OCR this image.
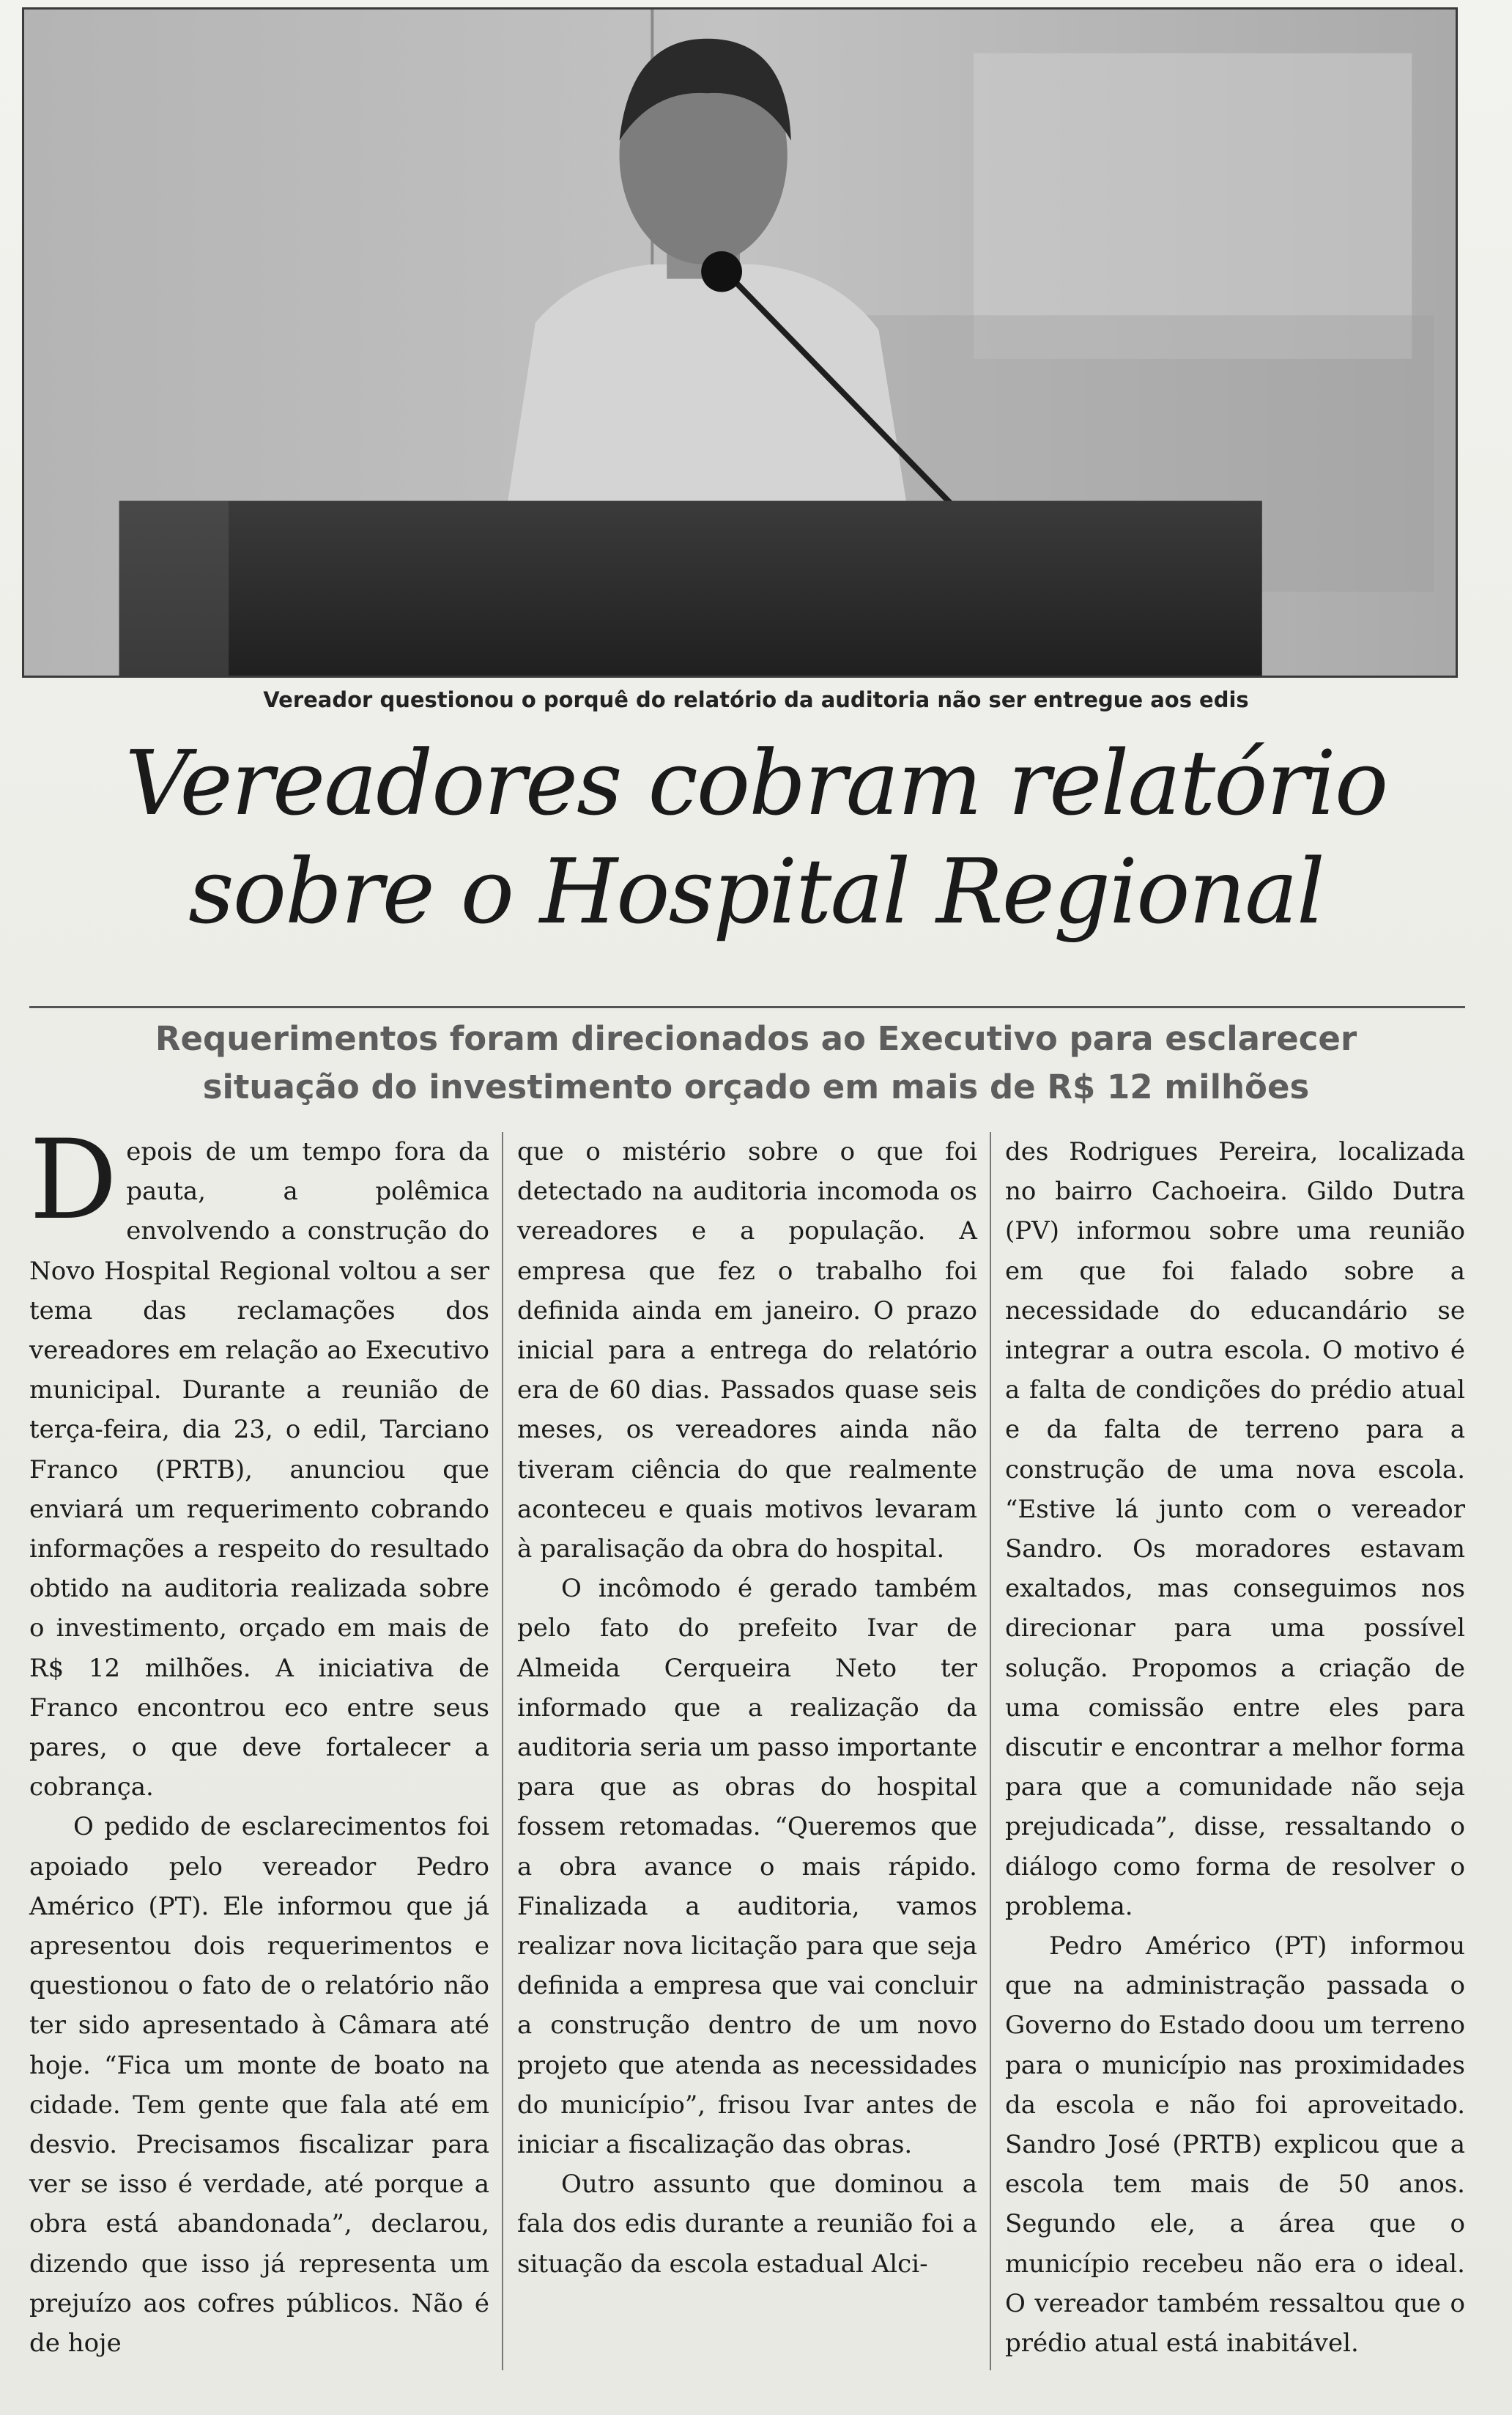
Vereador questionou o porquê do relatório da auditoria não ser entregue aos edis
Vereadores cobram relatório
sobre o Hospital Regional
Requerimentos foram direcionados ao Executivo para esclarecer
situação do investimento orçado em mais de R$ 12 milhões

Depois de um tempo fora da pauta, a polêmica envolvendo a construção do Novo Hospital Regional voltou a ser tema das reclamações dos vereadores em relação ao Executivo municipal. Durante a reunião de terça-feira, dia 23, o edil, Tarciano Franco (PRTB), anunciou que enviará um requerimento cobrando informações a respeito do resultado obtido na auditoria realizada sobre o investimento, orçado em mais de R$ 12 milhões. A iniciativa de Franco encontrou eco entre seus pares, o que deve fortalecer a cobrança.

O pedido de esclarecimentos foi apoiado pelo vereador Pedro Américo (PT). Ele informou que já apresentou dois requerimentos e questionou o fato de o relatório não ter sido apresentado à Câmara até hoje. “Fica um monte de boato na cidade. Tem gente que fala até em desvio. Precisamos fiscalizar para ver se isso é verdade, até porque a obra está abandonada”, declarou, dizendo que isso já representa um prejuízo aos cofres públicos. Não é de hoje

que o mistério sobre o que foi detectado na auditoria incomoda os vereadores e a população. A empresa que fez o trabalho foi definida ainda em janeiro. O prazo inicial para a entrega do relatório era de 60 dias. Passados quase seis meses, os vereadores ainda não tiveram ciência do que realmente aconteceu e quais motivos levaram à paralisação da obra do hospital.

O incômodo é gerado também pelo fato do prefeito Ivar de Almeida Cerqueira Neto ter informado que a realização da auditoria seria um passo importante para que as obras do hospital fossem retomadas. “Queremos que a obra avance o mais rápido. Finalizada a auditoria, vamos realizar nova licitação para que seja definida a empresa que vai concluir a construção dentro de um novo projeto que atenda as necessidades do município”, frisou Ivar antes de iniciar a fiscalização das obras.

Outro assunto que dominou a fala dos edis durante a reunião foi a situação da escola estadual Alci-

des Rodrigues Pereira, localizada no bairro Cachoeira. Gildo Dutra (PV) informou sobre uma reunião em que foi falado sobre a necessidade do educandário se integrar a outra escola. O motivo é a falta de condições do prédio atual e da falta de terreno para a construção de uma nova escola. “Estive lá junto com o vereador Sandro. Os moradores estavam exaltados, mas conseguimos nos direcionar para uma possível solução. Propomos a criação de uma comissão entre eles para discutir e encontrar a melhor forma para que a comunidade não seja prejudicada”, disse, ressaltando o diálogo como forma de resolver o problema.

Pedro Américo (PT) informou que na administração passada o Governo do Estado doou um terreno para o município nas proximidades da escola e não foi aproveitado. Sandro José (PRTB) explicou que a escola tem mais de 50 anos. Segundo ele, a área que o município recebeu não era o ideal. O vereador também ressaltou que o prédio atual está inabitável.
